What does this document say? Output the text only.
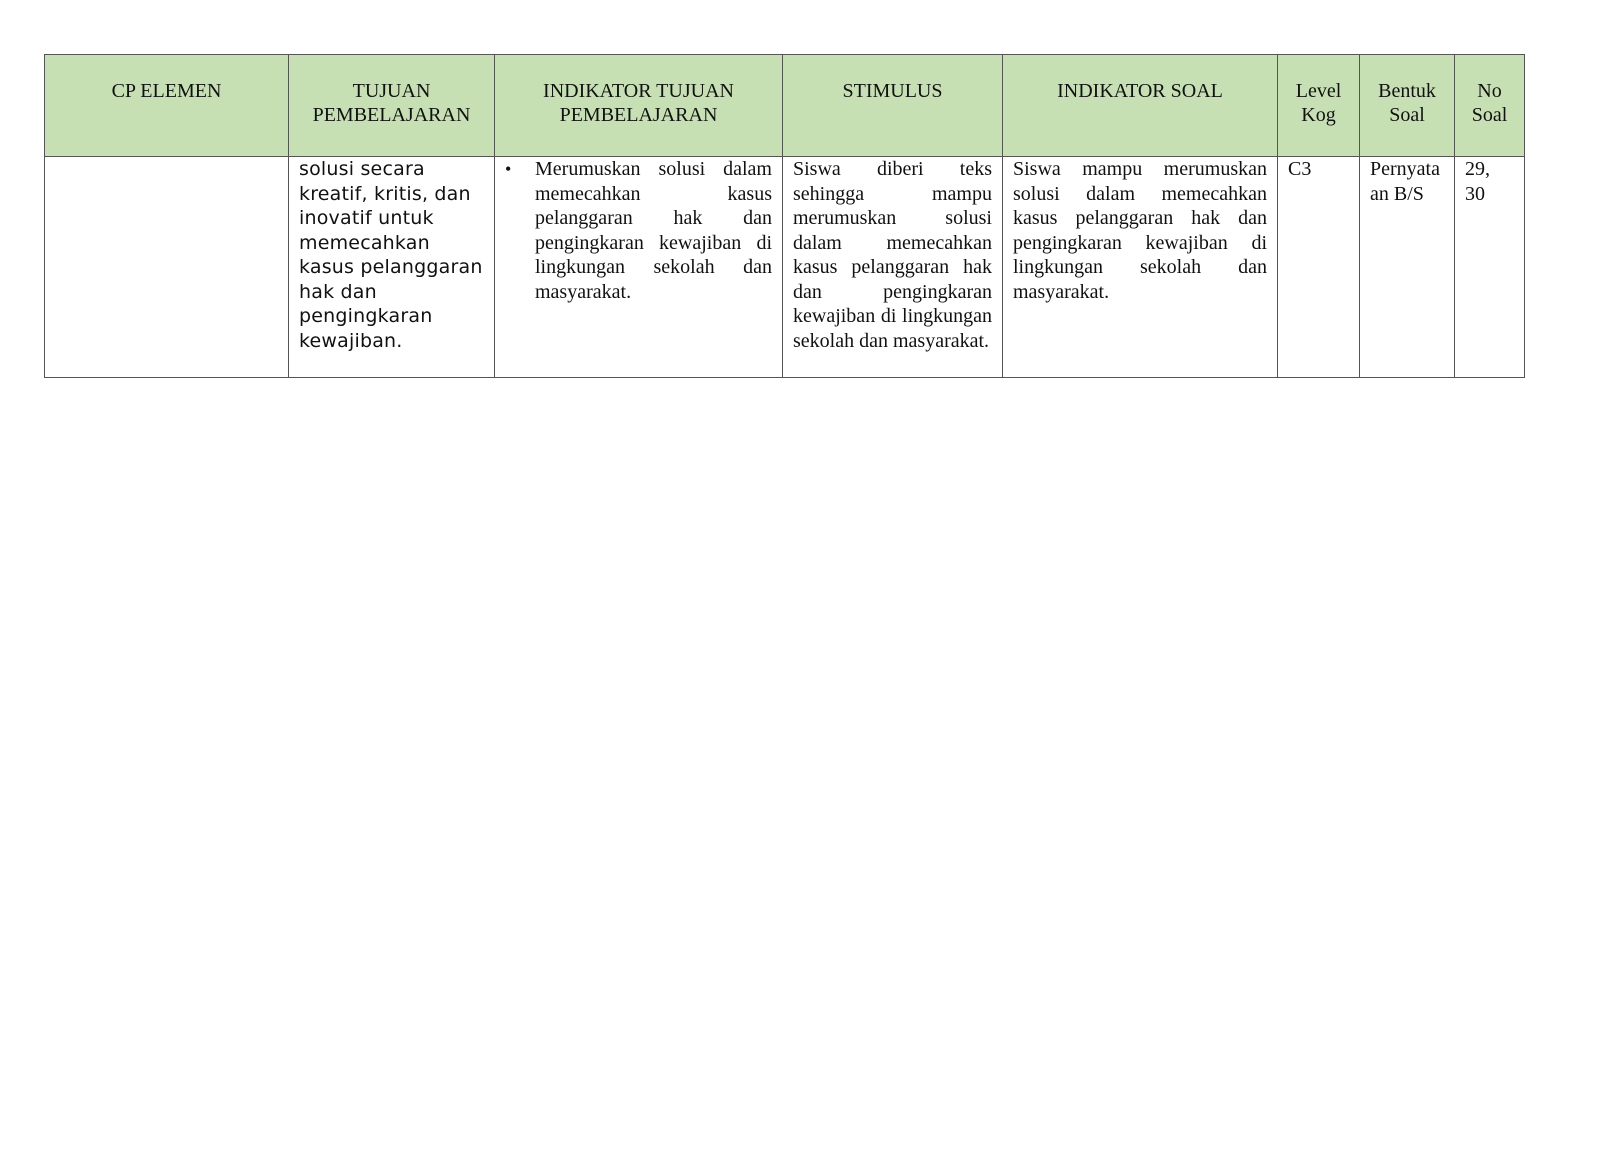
CP ELEMEN	TUJUAN PEMBELAJARAN	INDIKATOR TUJUAN PEMBELAJARAN	STIMULUS	INDIKATOR SOAL	Level Kog	Bentuk Soal	No Soal
	solusi secara kreatif, kritis, dan inovatif untuk memecahkan kasus pelanggaran hak dan pengingkaran kewajiban.	• Merumuskan solusi dalam memecahkan kasus pelanggaran hak dan pengingkaran kewajiban di lingkungan sekolah dan masyarakat.	Siswa diberi teks sehingga mampu merumuskan solusi dalam memecahkan kasus pelanggaran hak dan pengingkaran kewajiban di lingkungan sekolah dan masyarakat.	Siswa mampu merumuskan solusi dalam memecahkan kasus pelanggaran hak dan pengingkaran kewajiban di lingkungan sekolah dan masyarakat.	C3	Pernyataan B/S	29, 30
